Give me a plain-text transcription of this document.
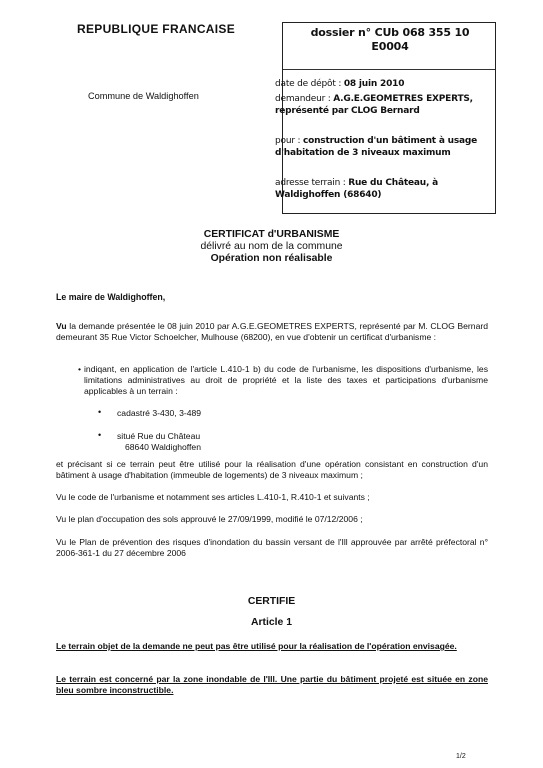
REPUBLIQUE FRANCAISE
Commune de Waldighoffen
dossier n° CUb 068 355 10
E0004
date de dépôt : 08 juin 2010
demandeur : A.G.E.GEOMETRES EXPERTS, représenté par CLOG Bernard
pour : construction d'un bâtiment à usage d'habitation de 3 niveaux maximum
adresse terrain : Rue du Château, à Waldighoffen (68640)
CERTIFICAT d'URBANISME
délivré au nom de la commune
Opération non réalisable
Le maire de Waldighoffen,
Vu la demande présentée le 08 juin 2010 par A.G.E.GEOMETRES EXPERTS, représenté par M. CLOG Bernard demeurant 35 Rue Victor Schoelcher, Mulhouse (68200), en vue d'obtenir un certificat d'urbanisme :
• indiqant, en application de l'article L.410-1 b) du code de l'urbanisme, les dispositions d'urbanisme, les limitations administratives au droit de propriété et la liste des taxes et participations d'urbanisme applicables à un terrain :
• cadastré 3-430, 3-489
• situé Rue du Château
68640 Waldighoffen
et précisant si ce terrain peut être utilisé pour la réalisation d'une opération consistant en construction d'un bâtiment à usage d'habitation (immeuble de logements) de 3 niveaux maximum ;
Vu le code de l'urbanisme et notamment ses articles L.410-1, R.410-1 et suivants ;
Vu le plan d'occupation des sols approuvé le 27/09/1999, modifié le 07/12/2006 ;
Vu le Plan de prévention des risques d'inondation du bassin versant de l'Ill approuvée par arrêté préfectoral n° 2006-361-1 du 27 décembre 2006
CERTIFIE
Article 1
Le terrain objet de la demande ne peut pas être utilisé pour la réalisation de l'opération envisagée.
Le terrain est concerné par la zone inondable de l'Ill. Une partie du bâtiment projeté est située en zone bleu sombre inconstructible.
1/2
